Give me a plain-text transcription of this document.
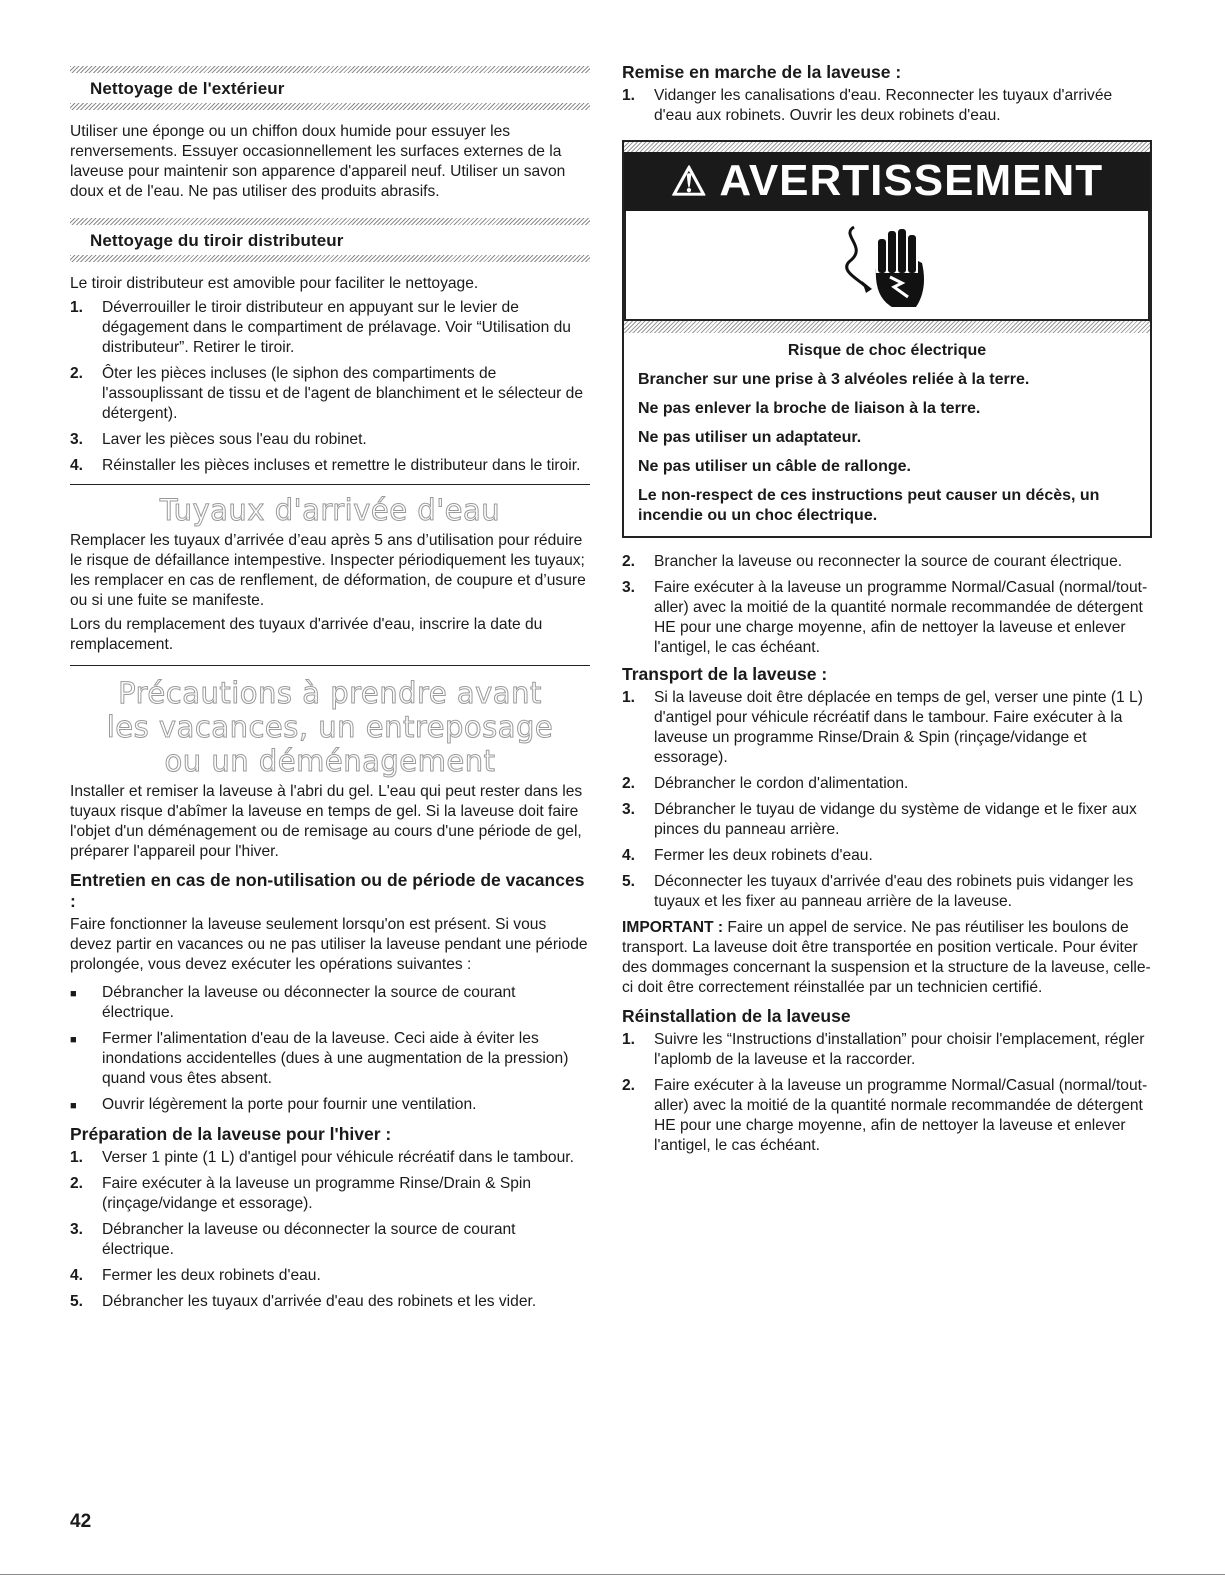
Nettoyage de l'extérieur

Utiliser une éponge ou un chiffon doux humide pour essuyer les renversements. Essuyer occasionnellement les surfaces externes de la laveuse pour maintenir son apparence d'appareil neuf. Utiliser un savon doux et de l'eau. Ne pas utiliser des produits abrasifs.

Nettoyage du tiroir distributeur

Le tiroir distributeur est amovible pour faciliter le nettoyage.

1.	Déverrouiller le tiroir distributeur en appuyant sur le levier de dégagement dans le compartiment de prélavage. Voir “Utilisation du distributeur”. Retirer le tiroir.
2.	Ôter les pièces incluses (le siphon des compartiments de l'assouplissant de tissu et de l'agent de blanchiment et le sélecteur de détergent).
3.	Laver les pièces sous l'eau du robinet.
4.	Réinstaller les pièces incluses et remettre le distributeur dans le tiroir.
Tuyaux d'arrivée d'eau

Remplacer les tuyaux d’arrivée d’eau après 5 ans d’utilisation pour réduire le risque de défaillance intempestive. Inspecter périodiquement les tuyaux; les remplacer en cas de renflement, de déformation, de coupure et d’usure ou si une fuite se manifeste.

Lors du remplacement des tuyaux d'arrivée d'eau, inscrire la date du remplacement.

Précautions à prendre avant
les vacances, un entreposage
ou un déménagement

Installer et remiser la laveuse à l'abri du gel. L'eau qui peut rester dans les tuyaux risque d'abîmer la laveuse en temps de gel. Si la laveuse doit faire l'objet d'un déménagement ou de remisage au cours d'une période de gel, préparer l'appareil pour l'hiver.

Entretien en cas de non-utilisation ou de période de vacances :

Faire fonctionner la laveuse seulement lorsqu'on est présent. Si vous devez partir en vacances ou ne pas utiliser la laveuse pendant une période prolongée, vous devez exécuter les opérations suivantes :

■	Débrancher la laveuse ou déconnecter la source de courant électrique.
■	Fermer l'alimentation d'eau de la laveuse. Ceci aide à éviter les inondations accidentelles (dues à une augmentation de la pression) quand vous êtes absent.
■	Ouvrir légèrement la porte pour fournir une ventilation.
Préparation de la laveuse pour l'hiver :
1.	Verser 1 pinte (1 L) d'antigel pour véhicule récréatif dans le tambour.
2.	Faire exécuter à la laveuse un programme Rinse/Drain & Spin (rinçage/vidange et essorage).
3.	Débrancher la laveuse ou déconnecter la source de courant électrique.
4.	Fermer les deux robinets d'eau.
5.	Débrancher les tuyaux d'arrivée d'eau des robinets et les vider.
Remise en marche de la laveuse :
1.	Vidanger les canalisations d'eau. Reconnecter les tuyaux d'arrivée d'eau aux robinets. Ouvrir les deux robinets d'eau.
⚠ AVERTISSEMENT
Risque de choc électrique
Brancher sur une prise à 3 alvéoles reliée à la terre.
Ne pas enlever la broche de liaison à la terre.
Ne pas utiliser un adaptateur.
Ne pas utiliser un câble de rallonge.
Le non-respect de ces instructions peut causer un décès, un incendie ou un choc électrique.
2.	Brancher la laveuse ou reconnecter la source de courant électrique.
3.	Faire exécuter à la laveuse un programme Normal/Casual (normal/tout-aller) avec la moitié de la quantité normale recommandée de détergent HE pour une charge moyenne, afin de nettoyer la laveuse et enlever l'antigel, le cas échéant.
Transport de la laveuse :
1.	Si la laveuse doit être déplacée en temps de gel, verser une pinte (1 L) d'antigel pour véhicule récréatif dans le tambour. Faire exécuter à la laveuse un programme Rinse/Drain & Spin (rinçage/vidange et essorage).
2.	Débrancher le cordon d'alimentation.
3.	Débrancher le tuyau de vidange du système de vidange et le fixer aux pinces du panneau arrière.
4.	Fermer les deux robinets d'eau.
5.	Déconnecter les tuyaux d'arrivée d'eau des robinets puis vidanger les tuyaux et les fixer au panneau arrière de la laveuse.

IMPORTANT : Faire un appel de service. Ne pas réutiliser les boulons de transport. La laveuse doit être transportée en position verticale. Pour éviter des dommages concernant la suspension et la structure de la laveuse, celle-ci doit être correctement réinstallée par un technicien certifié.

Réinstallation de la laveuse
1.	Suivre les “Instructions d'installation” pour choisir l'emplacement, régler l'aplomb de la laveuse et la raccorder.
2.	Faire exécuter à la laveuse un programme Normal/Casual (normal/tout-aller) avec la moitié de la quantité normale recommandée de détergent HE pour une charge moyenne, afin de nettoyer la laveuse et enlever l'antigel, le cas échéant.
42
